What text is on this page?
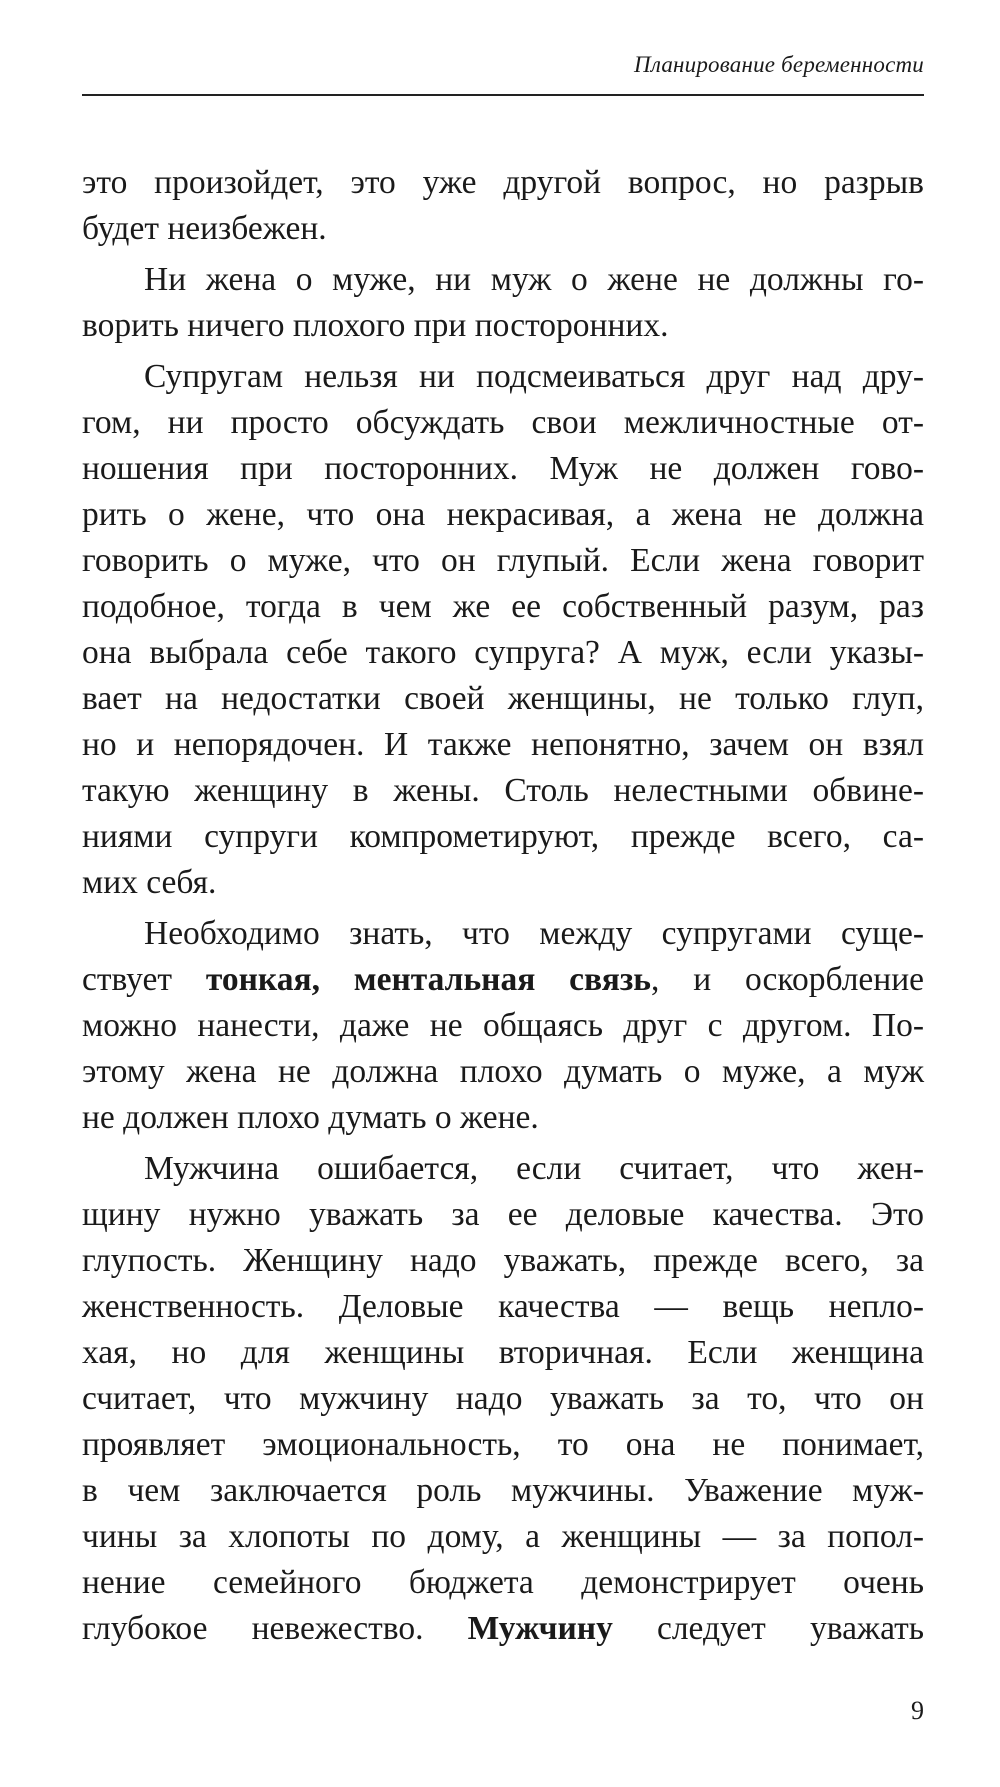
Планирование беременности
это произойдет, это уже другой вопрос, но разрыв
будет неизбежен.
Ни жена о муже, ни муж о жене не должны го-
ворить ничего плохого при посторонних.
Супругам нельзя ни подсмеиваться друг над дру-
гом, ни просто обсуждать свои межличностные от-
ношения при посторонних. Муж не должен гово-
рить о жене, что она некрасивая, а жена не должна
говорить о муже, что он глупый. Если жена говорит
подобное, тогда в чем же ее собственный разум, раз
она выбрала себе такого супруга? А муж, если указы-
вает на недостатки своей женщины, не только глуп,
но и непорядочен. И также непонятно, зачем он взял
такую женщину в жены. Столь нелестными обвине-
ниями супруги компрометируют, прежде всего, са-
мих себя.
Необходимо знать, что между супругами суще-
ствует тонкая, ментальная связь, и оскорбление
можно нанести, даже не общаясь друг с другом. По-
этому жена не должна плохо думать о муже, а муж
не должен плохо думать о жене.
Мужчина ошибается, если считает, что жен-
щину нужно уважать за ее деловые качества. Это
глупость. Женщину надо уважать, прежде всего, за
женственность. Деловые качества — вещь непло-
хая, но для женщины вторичная. Если женщина
считает, что мужчину надо уважать за то, что он
проявляет эмоциональность, то она не понимает,
в чем заключается роль мужчины. Уважение муж-
чины за хлопоты по дому, а женщины — за попол-
нение семейного бюджета демонстрирует очень
глубокое невежество. Мужчину следует уважать
9
